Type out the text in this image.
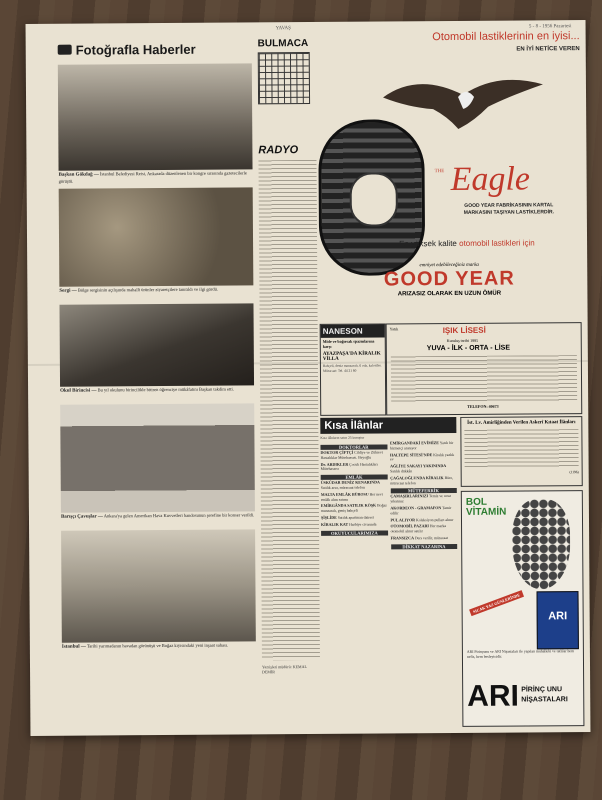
YAVAŞ	5 - 8 - 1956 Pazartesi
Fotoğrafla Haberler
Başkan Gökdağ — İstanbul Belediyesi Reisi, Ankarada düzenlenen bir kongre sırasında gazetecilerle görüştü.
Sergi — Bölge sergisinin açılışında mahalli ürünler ziyaretçilere tanıtıldı ve ilgi gördü.
Okul Birincisi — Bu yıl okulunu birincilikle bitiren öğrenciye mükâfatını Başkan takdim etti.
Barışçı Çavuşlar — Ankara'ya gelen Amerikan Hava Kuvvetleri bandosunun şerefine bir konser verildi.
İstanbul — Tarihi yarımadanın havadan görünüşü ve Boğaz kıyısındaki yeni inşaat sahası.
BULMACA
RADYO
Yazıişleri müdürü: KEMAL DEMİR
Otomobil lastiklerinin en iyisi...
EN İYİ NETİCE VEREN
THE Eagle
GOOD YEAR FABRİKASININ KARTAL MARKASINI TAŞIYAN LASTİKLERDİR.
En yüksek kalite otomobil lastikleri için
emniyet edebileceğiniz marka
GOOD YEAR
ARIZASIZ OLARAK EN UZUN ÖMÜR
NANESON
Mide ve bağırsak spazmlarına karşı
AYAZPAŞA'DA KİRALIK VİLLA
Bahçeli, deniz manzaralı, 6 oda, kalorifer. Müracaat: Tel. 44 21 60
Yatılı	IŞIK LİSESİ
Kuruluş tarihi 1885
YUVA - İLK - ORTA - LİSE
TELEFON: 40673
Kısa İlânlar
Kısa ilânların satırı 25 kuruştur
DOKTORLAR
DOKTOR ÇİFTÇİ Cildiye ve Zührevi Hastalıklar Mütehassısı. Beyoğlu
Dr. ARDIKLER Çocuk Hastalıkları Mütehassısı
EMLÂK
ÜSKÜDAR DENİZ KENARINDA Satılık arsa, müracaat telefon
MALTA EMLÂK BÜROSU Her nevi emlâk alım satımı
EMİRGÂNDA SATILIK KÖŞK Boğaz manzaralı, geniş bahçeli
ŞİŞLİDE Satılık apartman dairesi
KİRALIK KAT Harbiye civarında
OKUYUCULARIMIZA
EMİRGANDAKİ EVİMİZE Yatılı bir hizmetçi aranıyor
HALTEPE SİTESİ'NDE Kiralık yazlık ev
AĞLİYE SAKAYI YAKININDA Satılık dükkân
ÇAĞALOĞLUNDA KİRALIK Büro, müracaat telefon
MÜTEFERRİK
ÇAMAŞIRLARINIZI Temiz ve ucuz yıkatınız
AKORDEON - GRAMAFON Tamir edilir
PUL ALIYOR Koleksiyon pulları alınır
OTOMOBİL PAZARI Her marka otomobil alınır satılır
FRANSIZCA Ders verilir, müracaat
DİKKAT NAZARINA
İst. Lv. Amirliğinden Verilen Askerî Kıtaat İlânları
(1196)
BOL
VİTAMİN
SICAK YAZ GÜNLERİNDE
ARI
ARI Pirinçunu ve ARI Nişastaları ile yapılan muhallebi ve tatlılar hem nefis, hem besleyicidir.
ARI PİRİNÇ UNU
NİŞASTALARI
